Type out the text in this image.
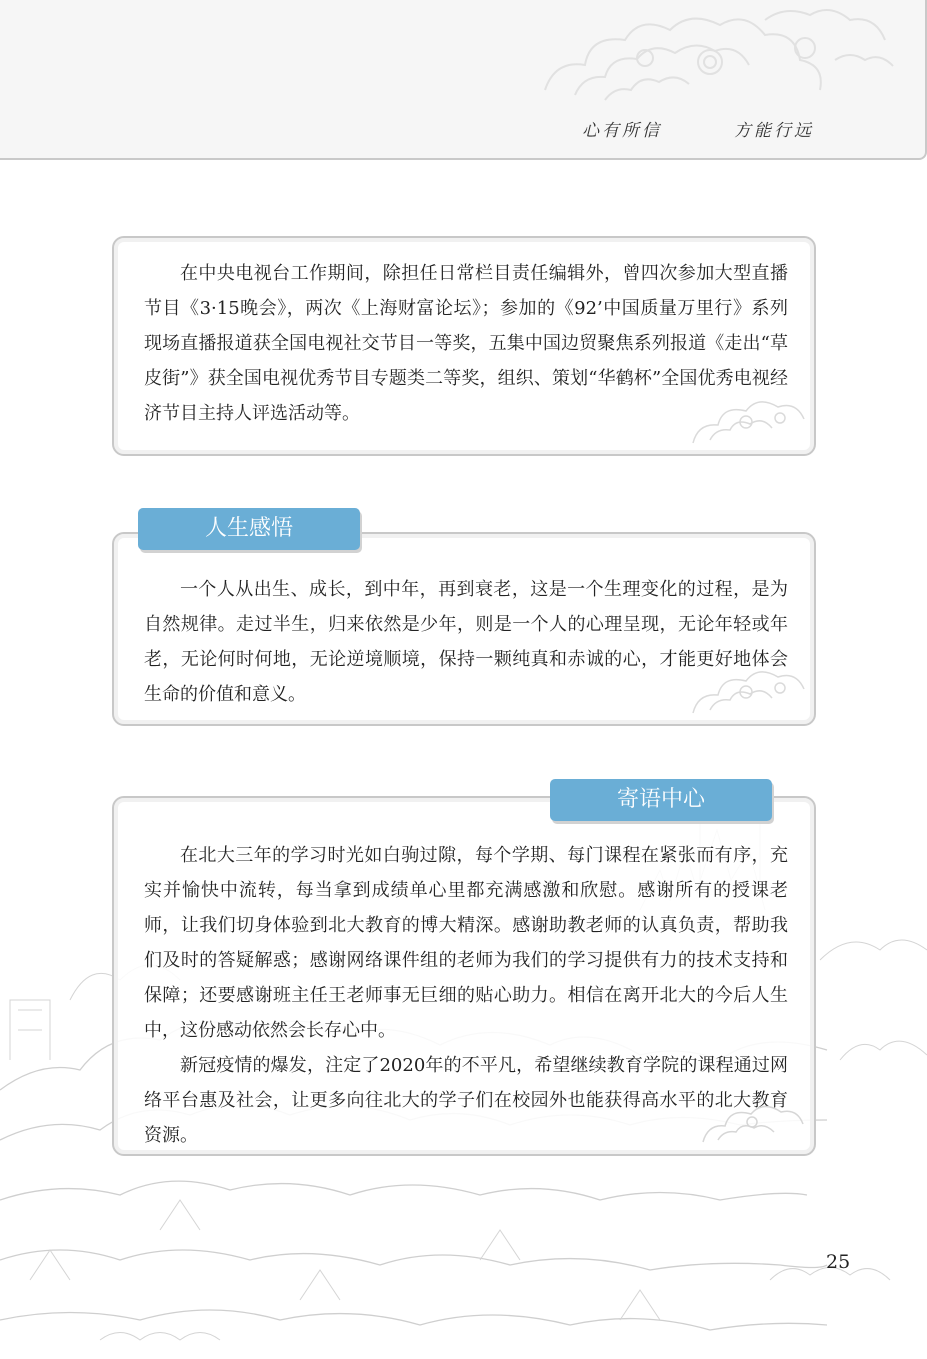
心有所信	方能行远

在中央电视台工作期间，除担任日常栏目责任编辑外，曾四次参加大型直播节目《3·15晚会》，两次《上海财富论坛》；参加的《92’中国质量万里行》系列现场直播报道获全国电视社交节目一等奖，五集中国边贸聚焦系列报道《走出“草皮街”》获全国电视优秀节目专题类二等奖，组织、策划“华鹤杯”全国优秀电视经济节目主持人评选活动等。

一个人从出生、成长，到中年，再到衰老，这是一个生理变化的过程，是为自然规律。走过半生，归来依然是少年，则是一个人的心理呈现，无论年轻或年老，无论何时何地，无论逆境顺境，保持一颗纯真和赤诚的心，才能更好地体会生命的价值和意义。

人生感悟

在北大三年的学习时光如白驹过隙，每个学期、每门课程在紧张而有序，充实并愉快中流转，每当拿到成绩单心里都充满感激和欣慰。感谢所有的授课老师，让我们切身体验到北大教育的博大精深。感谢助教老师的认真负责，帮助我们及时的答疑解惑；感谢网络课件组的老师为我们的学习提供有力的技术支持和保障；还要感谢班主任王老师事无巨细的贴心助力。相信在离开北大的今后人生中，这份感动依然会长存心中。

新冠疫情的爆发，注定了2020年的不平凡，希望继续教育学院的课程通过网络平台惠及社会，让更多向往北大的学子们在校园外也能获得高水平的北大教育资源。

寄语中心
25
